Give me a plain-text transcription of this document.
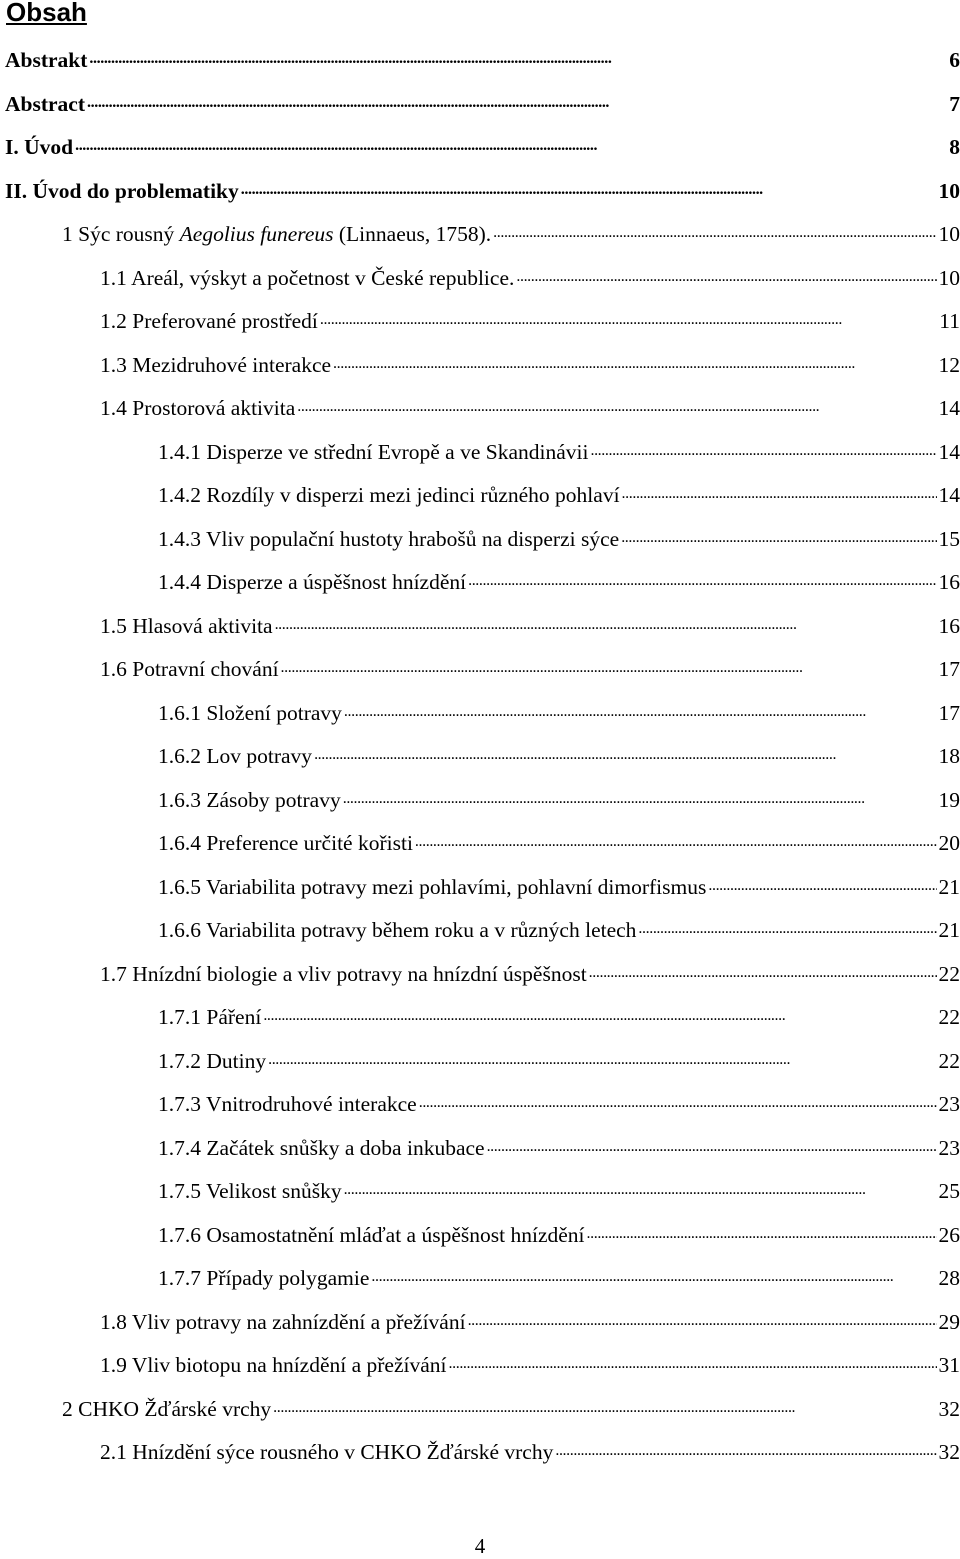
Obsah
Abstrakt . . .	6
Abstract . . .	7
I. Úvod . . .	8
II. Úvod do problematiky . . .	10
1 Sýc rousný Aegolius funereus (Linnaeus, 1758). . . .	10
1.1 Areál, výskyt a početnost v České republice. . . .	10
1.2 Preferované prostředí . . .	11
1.3 Mezidruhové interakce . . .	12
1.4 Prostorová aktivita . . .	14
1.4.1 Disperze ve střední Evropě a ve Skandinávii . . .	14
1.4.2 Rozdíly v disperzi mezi jedinci různého pohlaví . . .	14
1.4.3 Vliv populační hustoty hrabošů na disperzi sýce . . .	15
1.4.4 Disperze a úspěšnost hnízdění . . .	16
1.5 Hlasová aktivita . . .	16
1.6 Potravní chování . . .	17
1.6.1 Složení potravy . . .	17
1.6.2 Lov potravy . . .	18
1.6.3 Zásoby potravy . . .	19
1.6.4 Preference určité kořisti . . .	20
1.6.5 Variabilita potravy mezi pohlavími, pohlavní dimorfismus . . .	21
1.6.6 Variabilita potravy během roku a v různých letech . . .	21
1.7 Hnízdní biologie a vliv potravy na hnízdní úspěšnost . . .	22
1.7.1 Páření . . .	22
1.7.2 Dutiny . . .	22
1.7.3 Vnitrodruhové interakce . . .	23
1.7.4 Začátek snůšky a doba inkubace . . .	23
1.7.5 Velikost snůšky . . .	25
1.7.6 Osamostatnění mláďat a úspěšnost hnízdění . . .	26
1.7.7 Případy polygamie . . .	28
1.8 Vliv potravy na zahnízdění a přežívání . . .	29
1.9 Vliv biotopu na hnízdění a přežívání . . .	31
2 CHKO Žďárské vrchy . . .	32
2.1 Hnízdění sýce rousného v CHKO Žďárské vrchy . . .	32
4
